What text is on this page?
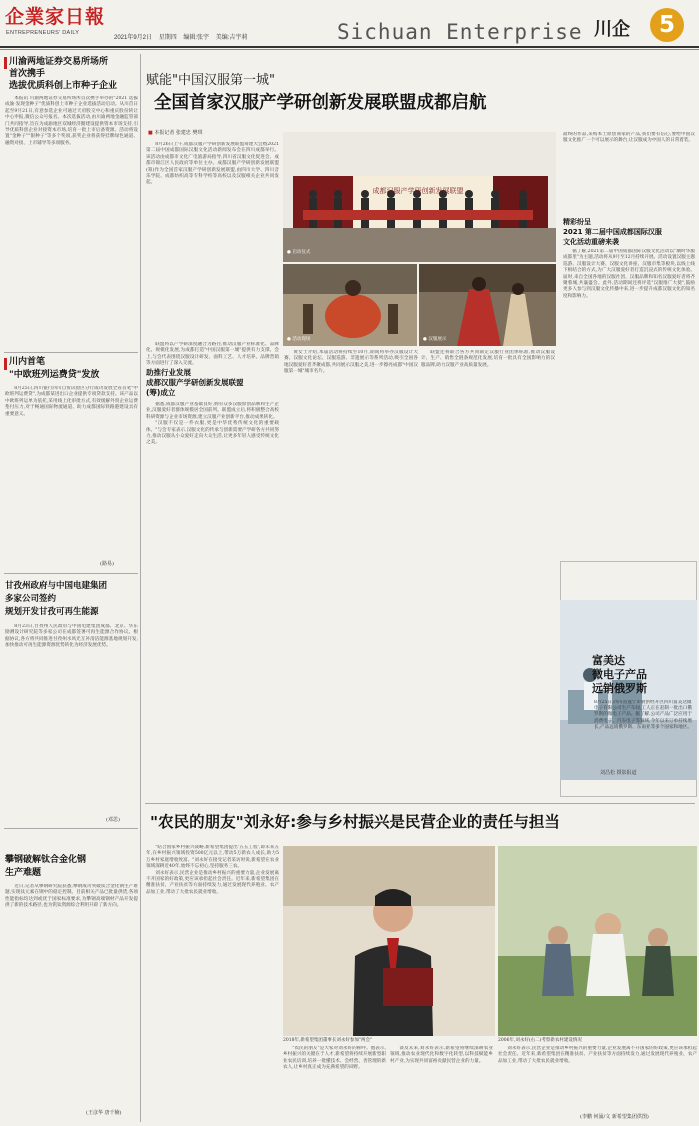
企業家日報
ENTREPRENEURS' DAILY
2021年9月2日 星期四 编辑:张宇 美编:吉宇莉	Sichuan Enterprise 川企	5
川渝两地证券交易所场所
首次携手
选拔优质科创上市种子企业

本报讯 川渝两地证券交易所场所首次携手举办的"2021 选拔成渝·发现金种子"优质科创上市种子企业选拔活动启动。从川首日起至9月21日,有意参选企业可通过天府股交中心和重庆股份转让中心申报,微信公众号报名。本次选拔活动,由川渝两地金融监管部门共同指导,旨在为成渝地区双城经济圈建设提供资本市场支持,引导优质科创企业对接资本市场,培育一批上市后备资源。活动将设置"金种子""银种子"等多个奖项,获奖企业将获得挂牌绿色通道、融资对接、上市辅导等多项服务。

川内首笔
"中欧班列运费贷"发放

8月25日,四川银行四川自贸试验区分行成功发放全省首笔"中欧班列运费贷",为成都某进出口企业提供专项贷款支持。该产品以中欧班列运单为依托,采用线上化审批方式,有效缓解外贸企业运费垫付压力,对于畅通国际物流通道、助力成都国际铁路港建设具有重要意义。

(路易)
甘孜州政府与中国电建集团
多家公司签约
规划开发甘孜可再生能源

8月23日,甘孜州人民政府与中国电建集团成都、北京、华东勘测设计研究院等多家公司在成都签署可再生能源合作协议。根据协议,各方将共同推进甘孜州水风光互补清洁能源基地规划开发,加快推动可再生能源资源优势转化为经济发展优势。

(邓思)
攀钢破解钛合金化钢
生产难题

近日,记者从攀钢研究院获悉,攀钢成功突破钛合金化钢生产难题,实现钛元素在钢中的稳定控制。目前相关产品已批量供货,各项性能指标均达到或优于国家标准要求,为攀钢高端钢材产品开发提供了新的技术路径,也为钒钛资源综合利用开辟了新方向。

(王彦华 唐千楠)
赋能"中国汉服第一城"
全国首家汉服产学研创新发展联盟成都启航
■ 本报记者 张建忠 樊琪
成都汉服产学研创新发展联盟
● 启动仪式
● 活动现场	● 汉服展示

8月26日上午,成都汉服产学研创新发展联盟筹建大会暨2021第二届中国成都国际汉服文化活动新闻发布会在四川成都举行。该活动由成都市文化广电旅游局指导,四川省汉服文化促进会、成都市锦江区人民政府等单位主办。成都汉服产学研创新发展联盟(筹)作为全国首家汉服产学研创新发展联盟,由四川大学、四川音乐学院、成都纺织高等专科学校等高校以及汉服相关企业共同发起。

联盟将以产学研深度融合为路径,推动汉服产业标准化、品牌化、规模化发展,为成都打造"中国汉服第一城"提供有力支撑。会上,与会代表围绕汉服设计研发、面料工艺、人才培养、品牌营销等方面进行了深入交流。

助推行业发展
成都汉服产学研创新发展联盟
(筹)成立

据悉,成都汉服产业基础良好,拥有众多汉服原创品牌和生产企业,汉服爱好者群体规模居全国前列。联盟成立后,将积极整合高校科研资源与企业市场资源,建立汉服产业创新平台,推动成果转化。

"汉服不仅是一件衣服,更是中华优秀传统文化的重要载体。"与会专家表示,汉服文化的传承与创新需要产学研各方共同努力,推动汉服从小众爱好走向大众生活,让更多年轻人感受传统文化之美。

黄女士介绍,本届活动将持续至10月,期间将举办汉服设计大赛、汉服文化论坛、汉服巡游、非遗展示等系列活动,吸引全国各地汉服爱好者齐聚成都,共同展示汉服之美,进一步擦亮成都"中国汉服第一城"城市名片。

联盟还将联合各方共同制定汉服行业团体标准,推动汉服设计、生产、销售全链条规范化发展,培育一批具有全国影响力的汉服品牌,助力汉服产业高质量发展。

最终的作品,采购本土原创商家的产品,我们要有信心,要给中国汉服文化推广一个可以展示的舞台,让汉服成为中国人的日常着装。
精彩纷呈
2021 第二届中国成都国际汉服
文化活动重磅来袭

据了解,2021第二届中国成都国际汉服文化活动以"潮时华服 成都里"为主题,活动将从9月至12月持续开展。活动设置汉服主题巡游、汉服设计大赛、汉服文化讲座、汉服市集等板块,以线上线下相结合的方式,为广大汉服爱好者打造沉浸式的传统文化体验。届时,来自全国各地的汉服社团、汉服品牌和知名汉服爱好者将齐聚蓉城,共襄盛会。此外,活动期间还将评选"汉服推广大使",鼓励更多人参与到汉服文化传播中来,进一步提升成都汉服文化的知名度和影响力。

富美达
微电子产品
远销俄罗斯
8月25日,四川省遂宁市射洪经开区四川富美达微电子有限公司生产车间,工人正在赶制一批出口俄罗斯的微电子产品。据了解,公司产品广泛应用于消费电子、汽车电子等领域,今年以来订单持续增长,产品远销俄罗斯、东南亚等多个国家和地区。
刘昌松 摄影报道
"农民的朋友"刘永好:参与乡村振兴是民营企业的责任与担当

"结合国家乡村振兴战略,新希望集团提出'五五工程',即未来五年,在乡村振兴领域投资500亿元以上,带动5万新农人成长,助力5万乡村家庭增收致富。"刘永好在接受记者采访时说,新希望在农业领域深耕近40年,始终不忘初心,坚持服务三农。

刘永好表示,民营企业是推动乡村振兴的重要力量,企业发展离不开国家的好政策,更应该承担起社会责任。近年来,新希望集团在精准扶贫、产业扶贫等方面持续发力,通过发展现代养殖业、农产品加工业,带动了大批农民就业增收。

2018年,新希望集团董事长刘永好参加"两会"	2006年,刘永好(右二)考察新农村建设情况

"农民的朋友"是大家对刘永好的称呼。他表示,乡村振兴的关键在于人才,新希望将持续开展新型职业农民培训,培养一批懂技术、会经营、善管理的新农人,让乡村真正成为充满希望的田野。

谈及未来,刘永好表示,新希望将继续深耕农业领域,推动农业现代化和数字化转型,以科技赋能乡村产业,为实现共同富裕贡献民营企业的力量。

刘永好表示,民营企业是推动乡村振兴的重要力量,企业发展离不开国家的好政策,更应该承担起社会责任。近年来,新希望集团在精准扶贫、产业扶贫等方面持续发力,通过发展现代养殖业、农产品加工业,带动了大批农民就业增收。

(李鹏 何涌/文 新希望集团供图)
